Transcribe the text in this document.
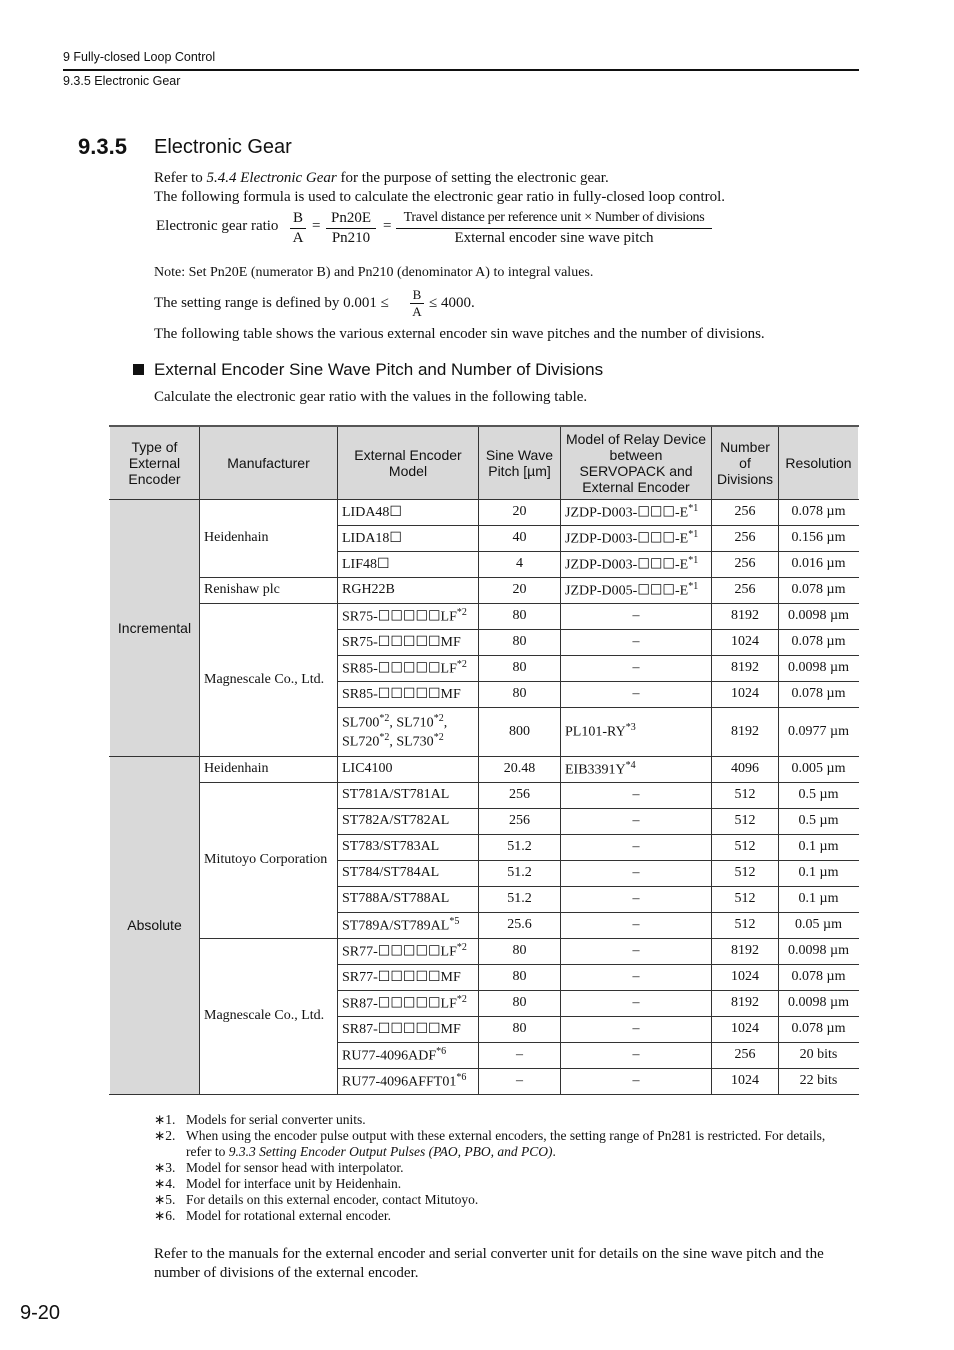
9 Fully-closed Loop Control
9.3.5 Electronic Gear
9.3.5 Electronic Gear
Refer to 5.4.4 Electronic Gear for the purpose of setting the electronic gear.
The following formula is used to calculate the electronic gear ratio in fully-closed loop control.
Electronic gear ratio $\frac{B}{A} = \frac{Pn20E}{Pn210}$ =
Travel distance per reference unit × Number of divisions
External encoder sine wave pitch
Note: Set Pn20E (numerator B) and Pn210 (denominator A) to integral values.
The setting range is defined by $0.001 \le \frac{B}{A} \le 4000$.
The following table shows the various external encoder sin wave pitches and the number of divisions.
External Encoder Sine Wave Pitch and Number of Divisions
Calculate the electronic gear ratio with the values in the following table.
Type of External Encoder	Manufacturer	External Encoder Model	Sine Wave Pitch [µm]	Model of Relay Device between SERVOPACK and External Encoder	Number of Divisions	Resolution
Incremental	Heidenhain	LIDA48☐	20	JZDP-$D003-☐☐☐-E^{*1}$	256	0.078 µm
		LIDA18☐	40	JZDP-$D003-☐☐☐-E^{*1}$	256	0.156 µm
		LIF48☐	4	JZDP-$D003-☐☐☐-E^{*1}$	256	0.016 µm
	Renishaw plc	RGH22B	20	JZDP-$D005-☐☐☐-E^{*1}$	256	0.078 µm
	Magnescale Co., Ltd.	SR75-☐☐☐☐☐LF$^{*2}$	80	–	8192	0.0098 µm
		SR75-☐☐☐☐☐MF	80	–	1024	0.078 µm
		SR85-☐☐☐☐☐LF$^{*2}$	80	–	8192	0.0098 µm
		SR85-☐☐☐☐☐MF	80	–	1024	0.078 µm

		SL700$^{*2}$, SL710$^{*2}$,
SL720$^{*2}$, SL730$^{*2}$	800	PL101-RY$^{*3}$	8192	0.0977 µm
Absolute	Heidenhain	LIC4100	20.48	$EIB3391Y^{*4}$	4096	0.005 µm
	Mitutoyo Corporation	ST781A/ST781AL	256	–	512	0.5 µm
		ST782A/ST782AL	256	–	512	0.5 µm
		ST783/ST783AL	51.2	–	512	0.1 µm
		ST784/ST784AL	51.2	–	512	0.1 µm
		ST788A/ST788AL	51.2	–	512	0.1 µm
		ST789A/ST789AL$^{*5}$	25.6	–	512	0.05 µm
	Magnescale Co., Ltd.	SR77-☐☐☐☐☐LF$^{*2}$	80	–	8192	0.0098 µm
		SR77-☐☐☐☐☐MF	80	–	1024	0.078 µm
		SR87-☐☐☐☐☐LF$^{*2}$	80	–	8192	0.0098 µm
		SR87-☐☐☐☐☐MF	80	–	1024	0.078 µm
		RU77-4096ADF$^{*6}$	–	–	256	20 bits
		RU77-4096AFFT01$^{*6}$	–	–	1024	22 bits
∗1. Models for serial converter units.
∗2. When using the encoder pulse output with these external encoders, the setting range of Pn281 is restricted. For details, refer to 9.3.3 Setting Encoder Output Pulses (PAO, PBO, and PCO).
∗3. Model for sensor head with interpolator.
∗4. Model for interface unit by Heidenhain.
∗5. For details on this external encoder, contact Mitutoyo.
∗6. Model for rotational external encoder.
Refer to the manuals for the external encoder and serial converter unit for details on the sine wave pitch and the number of divisions of the external encoder.
9-20
